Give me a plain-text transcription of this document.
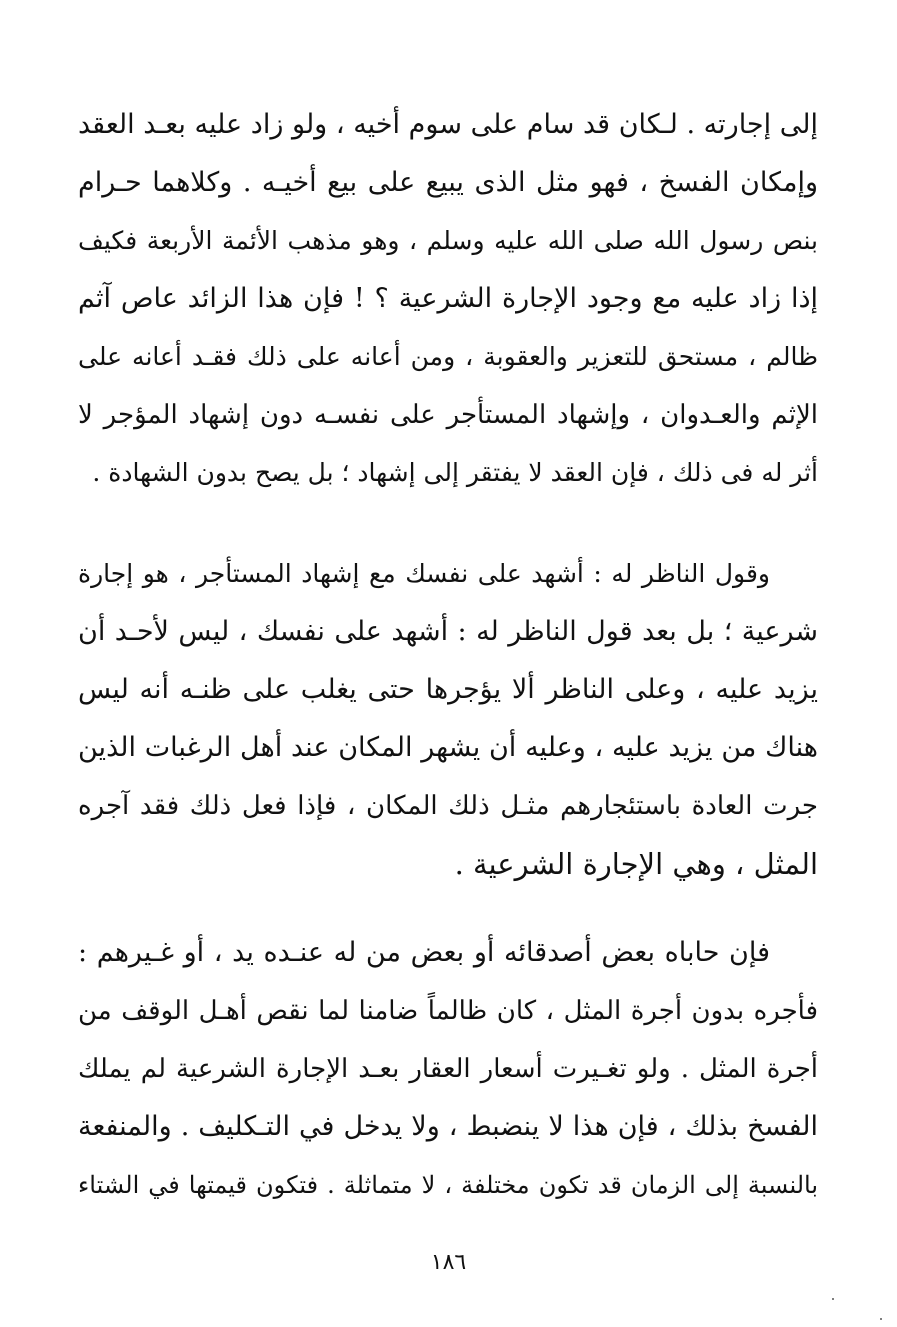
إلى إجارته . لـكان قد سام على سوم أخيه ، ولو زاد عليه بعـد العقد
وإمكان الفسخ ، فهو مثل الذى يبيع على بيع أخيـه . وكلاهما حـرام
بنص رسول الله صلى الله عليه وسلم ، وهو مذهب الأئمة الأربعة فكيف
إذا زاد عليه مع وجود الإجارة الشرعية ؟ ! فإن هذا الزائد عاص آثم
ظالم ، مستحق للتعزير والعقوبة ، ومن أعانه على ذلك فقـد أعانه على
الإثم والعـدوان ، وإشهاد المستأجر على نفسـه دون إشهاد المؤجر لا
أثر له فى ذلك ، فإن العقد لا يفتقر إلى إشهاد ؛ بل يصح بدون الشهادة .
وقول الناظر له : أشهد على نفسك مع إشهاد المستأجر ، هو إجارة
شرعية ؛ بل بعد قول الناظر له : أشهد على نفسك ، ليس لأحـد أن
يزيد عليه ، وعلى الناظر ألا يؤجرها حتى يغلب على ظنـه أنه ليس
هناك من يزيد عليه ، وعليه أن يشهر المكان عند أهل الرغبات الذين
جرت العادة باستئجارهم مثـل ذلك المكان ، فإذا فعل ذلك فقد آجره
المثل ، وهي الإجارة الشرعية .
فإن حاباه بعض أصدقائه أو بعض من له عنـده يد ، أو غـيرهم :
فأجره بدون أجرة المثل ، كان ظالماً ضامنا لما نقص أهـل الوقف من
أجرة المثل . ولو تغـيرت أسعار العقار بعـد الإجارة الشرعية لم يملك
الفسخ بذلك ، فإن هذا لا ينضبط ، ولا يدخل في التـكليف . والمنفعة
بالنسبة إلى الزمان قد تكون مختلفة ، لا متماثلة . فتكون قيمتها في الشتاء
١٨٦
